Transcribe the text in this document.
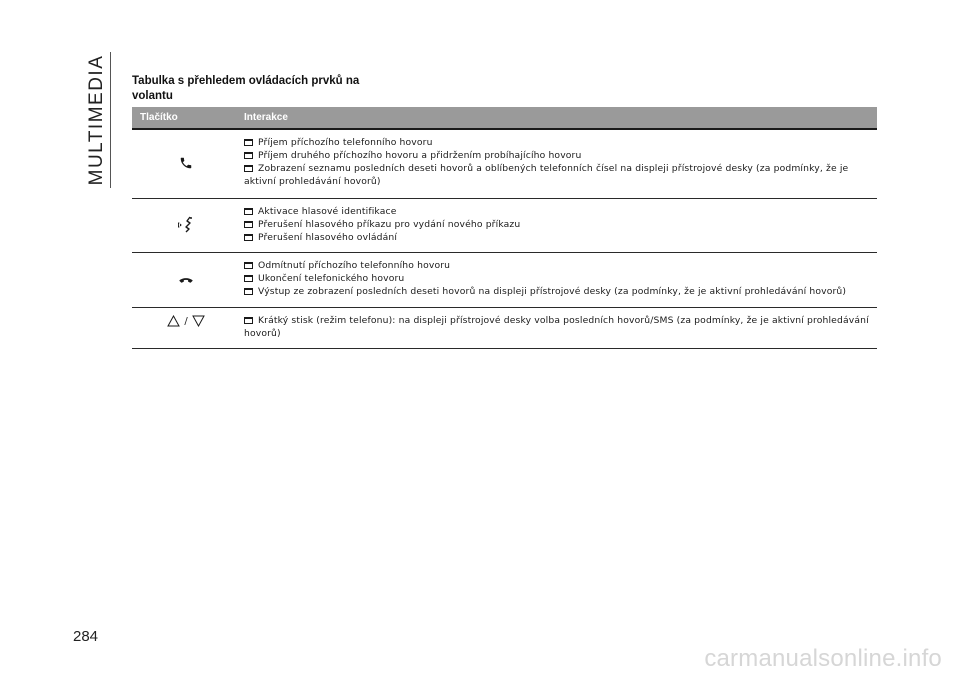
MULTIMEDIA Tabulka s přehledem ovládacích prvků na volantu
Tlačítko	Interakce
Příjem příchozího telefonního hovoru
Příjem druhého příchozího hovoru a přidržením probíhajícího hovoru
Zobrazení seznamu posledních deseti hovorů a oblíbených telefonních čísel na displeji přístrojové desky (za podmínky, že je aktivní prohledávání hovorů)
Aktivace hlasové identifikace
Přerušení hlasového příkazu pro vydání nového příkazu
Přerušení hlasového ovládání
Odmítnutí příchozího telefonního hovoru
Ukončení telefonického hovoru
Výstup ze zobrazení posledních deseti hovorů na displeji přístrojové desky (za podmínky, že je aktivní prohledávání hovorů)
/	Krátký stisk (režim telefonu): na displeji přístrojové desky volba posledních hovorů/SMS (za podmínky, že je aktivní prohledávání hovorů)
284
carmanualsonline.info
